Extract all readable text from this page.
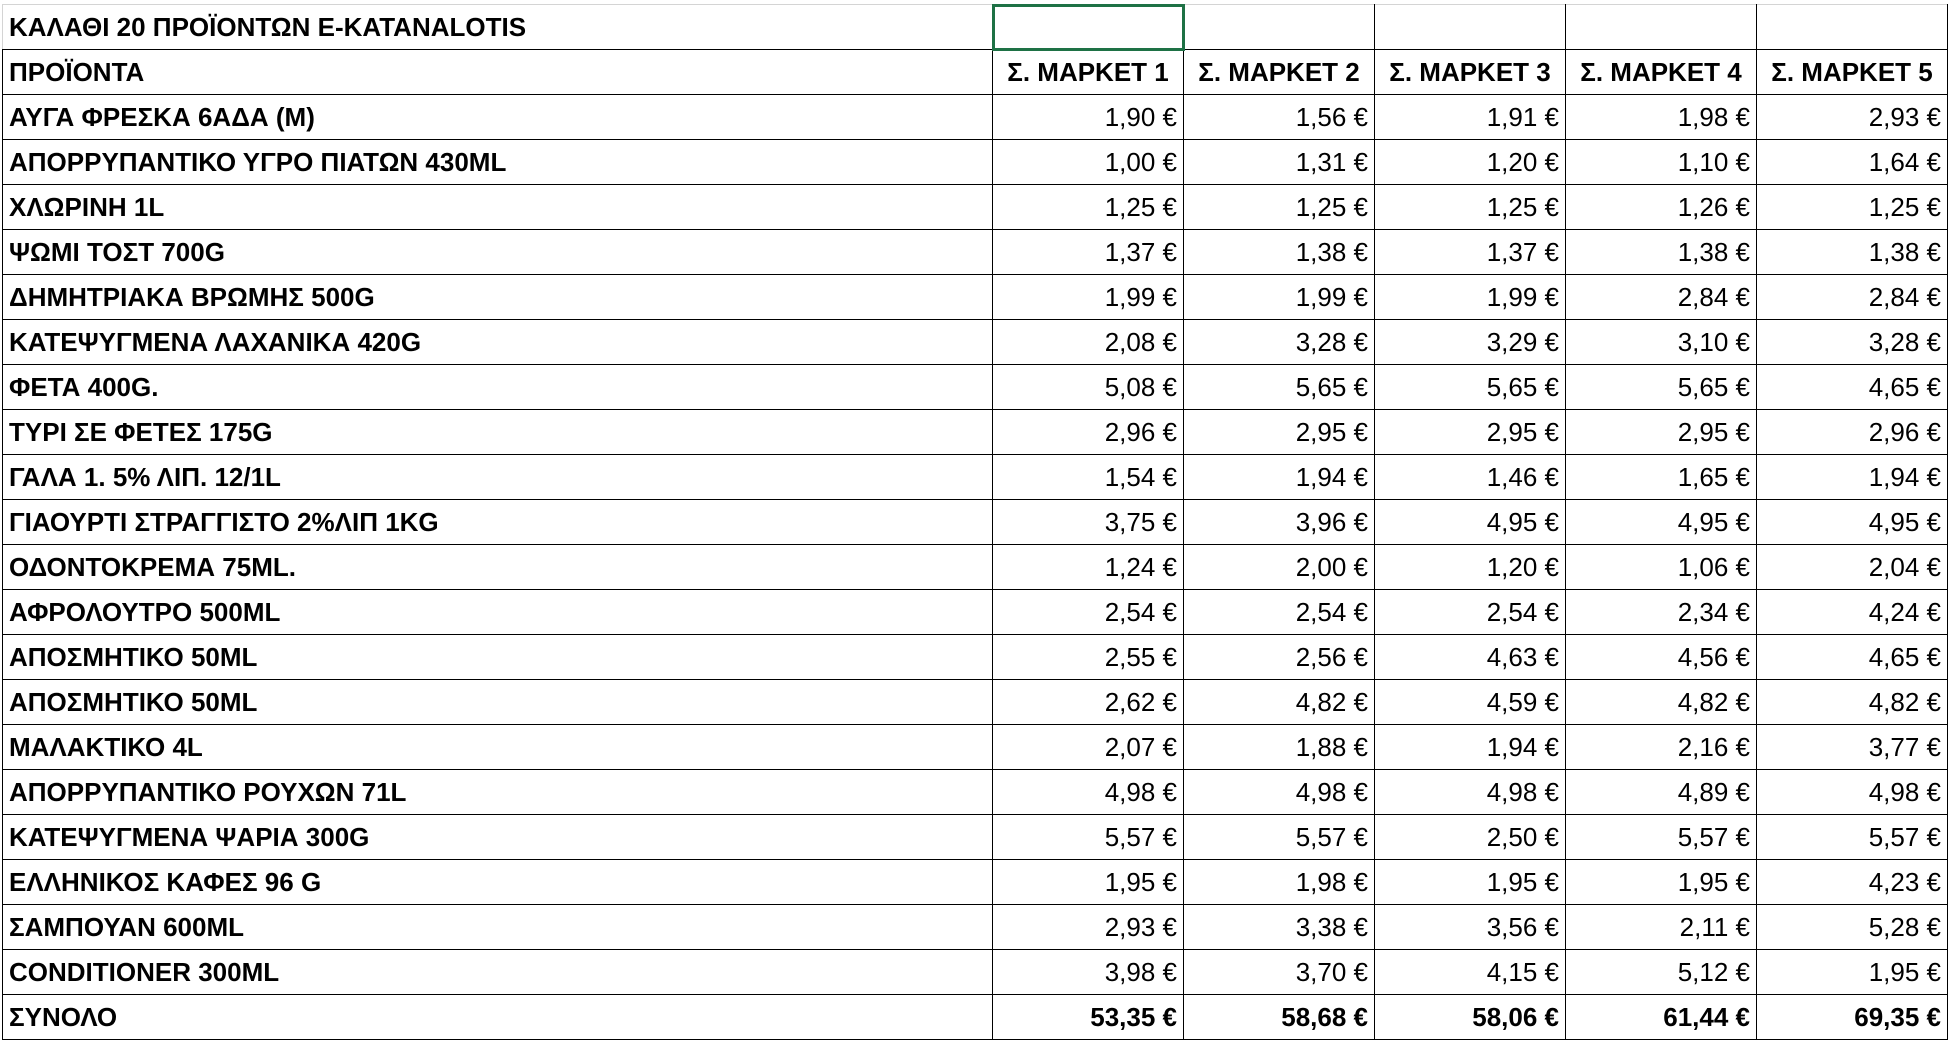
ΚΑΛΑΘΙ 20 ΠΡΟΪΟΝΤΩΝ E-KATANALOTIS					
ΠΡΟΪΟΝΤΑ	Σ. ΜΑΡΚΕΤ 1	Σ. ΜΑΡΚΕΤ 2	Σ. ΜΑΡΚΕΤ 3	Σ. ΜΑΡΚΕΤ 4	Σ. ΜΑΡΚΕΤ 5
ΑΥΓΑ ΦΡΕΣΚΑ 6ΑΔΑ (M)	1,90 €	1,56 €	1,91 €	1,98 €	2,93 €
ΑΠΟΡΡΥΠΑΝΤΙΚΟ ΥΓΡΟ ΠΙΑΤΩΝ 430ML	1,00 €	1,31 €	1,20 €	1,10 €	1,64 €
ΧΛΩΡΙΝΗ 1L	1,25 €	1,25 €	1,25 €	1,26 €	1,25 €
ΨΩΜΙ ΤΟΣΤ 700G	1,37 €	1,38 €	1,37 €	1,38 €	1,38 €
ΔΗΜΗΤΡΙΑΚΑ ΒΡΩΜΗΣ 500G	1,99 €	1,99 €	1,99 €	2,84 €	2,84 €
ΚΑΤΕΨΥΓΜΕΝΑ ΛΑΧΑΝΙΚΑ 420G	2,08 €	3,28 €	3,29 €	3,10 €	3,28 €
ΦΕΤΑ 400G.	5,08 €	5,65 €	5,65 €	5,65 €	4,65 €
ΤΥΡΙ ΣΕ ΦΕΤΕΣ 175G	2,96 €	2,95 €	2,95 €	2,95 €	2,96 €
ΓΑΛΑ 1. 5% ΛΙΠ. 12/1L	1,54 €	1,94 €	1,46 €	1,65 €	1,94 €
ΓΙΑΟΥΡΤΙ ΣΤΡΑΓΓΙΣΤΟ 2%ΛΙΠ 1KG	3,75 €	3,96 €	4,95 €	4,95 €	4,95 €
ΟΔΟΝΤΟΚΡΕΜΑ 75ML.	1,24 €	2,00 €	1,20 €	1,06 €	2,04 €
ΑΦΡΟΛΟΥΤΡΟ 500ML	2,54 €	2,54 €	2,54 €	2,34 €	4,24 €
ΑΠΟΣΜΗΤΙΚΟ 50ML	2,55 €	2,56 €	4,63 €	4,56 €	4,65 €
ΑΠΟΣΜΗΤΙΚΟ 50ML	2,62 €	4,82 €	4,59 €	4,82 €	4,82 €
ΜΑΛΑΚΤΙΚΟ 4L	2,07 €	1,88 €	1,94 €	2,16 €	3,77 €
ΑΠΟΡΡΥΠΑΝΤΙΚΟ ΡΟΥΧΩΝ 71L	4,98 €	4,98 €	4,98 €	4,89 €	4,98 €
ΚΑΤΕΨΥΓΜΕΝΑ ΨΑΡΙΑ 300G	5,57 €	5,57 €	2,50 €	5,57 €	5,57 €
ΕΛΛΗΝΙΚΟΣ ΚΑΦΕΣ 96 G	1,95 €	1,98 €	1,95 €	1,95 €	4,23 €
ΣΑΜΠΟΥΑΝ 600ML	2,93 €	3,38 €	3,56 €	2,11 €	5,28 €
CONDITIONER 300ML	3,98 €	3,70 €	4,15 €	5,12 €	1,95 €
ΣΥΝΟΛΟ	53,35 €	58,68 €	58,06 €	61,44 €	69,35 €
